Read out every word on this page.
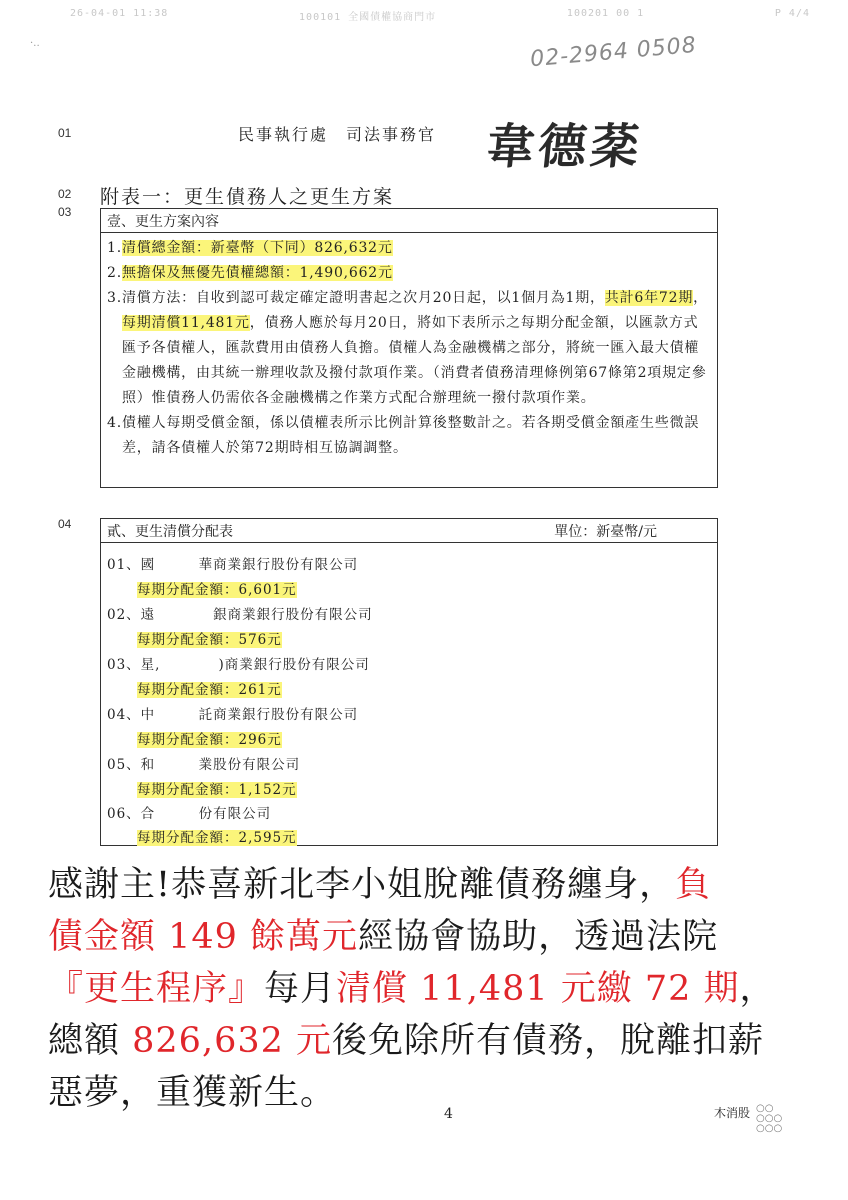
26-04-01 11:38	100101 全國債權協商門市	100201 00 1	P 4/4
·‥	02-2964 0508
01
02
03
04
民事執行處　司法事務官 韋德棻
附表一：更生債務人之更生方案
壹、更生方案內容
1.清償總金額：新臺幣（下同）826,632元
2.無擔保及無優先債權總額：1,490,662元
3. 清償方法：自收到認可裁定確定證明書起之次月20日起，以1個月為1期，共計6年72期，每期清償11,481元，債務人應於每月20日，將如下表所示之每期分配金額，以匯款方式匯予各債權人，匯款費用由債務人負擔。債權人為金融機構之部分，將統一匯入最大債權金融機構，由其統一辦理收款及撥付款項作業。（消費者債務清理條例第67條第2項規定參照）惟債務人仍需依各金融機構之作業方式配合辦理統一撥付款項作業。
4. 債權人每期受償金額，係以債權表所示比例計算後整數計之。若各期受償金額產生些微誤差，請各債權人於第72期時相互協調調整。
貳、更生清償分配表	單位：新臺幣/元
01、國　　　華商業銀行股份有限公司
每期分配金額：6,601元
02、遠　　　　銀商業銀行股份有限公司
每期分配金額：576元
03、星,　　　　)商業銀行股份有限公司
每期分配金額：261元
04、中　　　託商業銀行股份有限公司
每期分配金額：296元
05、和　　　業股份有限公司
每期分配金額：1,152元
06、合　　　份有限公司
每期分配金額：2,595元
感謝主!恭喜新北李小姐脫離債務纏身，負
債金額 149 餘萬元經協會協助，透過法院
『更生程序』每月清償 11,481 元繳 72 期，
總額 826,632 元後免除所有債務，脫離扣薪
惡夢，重獲新生。
4	木消股 ○○
○○○
○○○
